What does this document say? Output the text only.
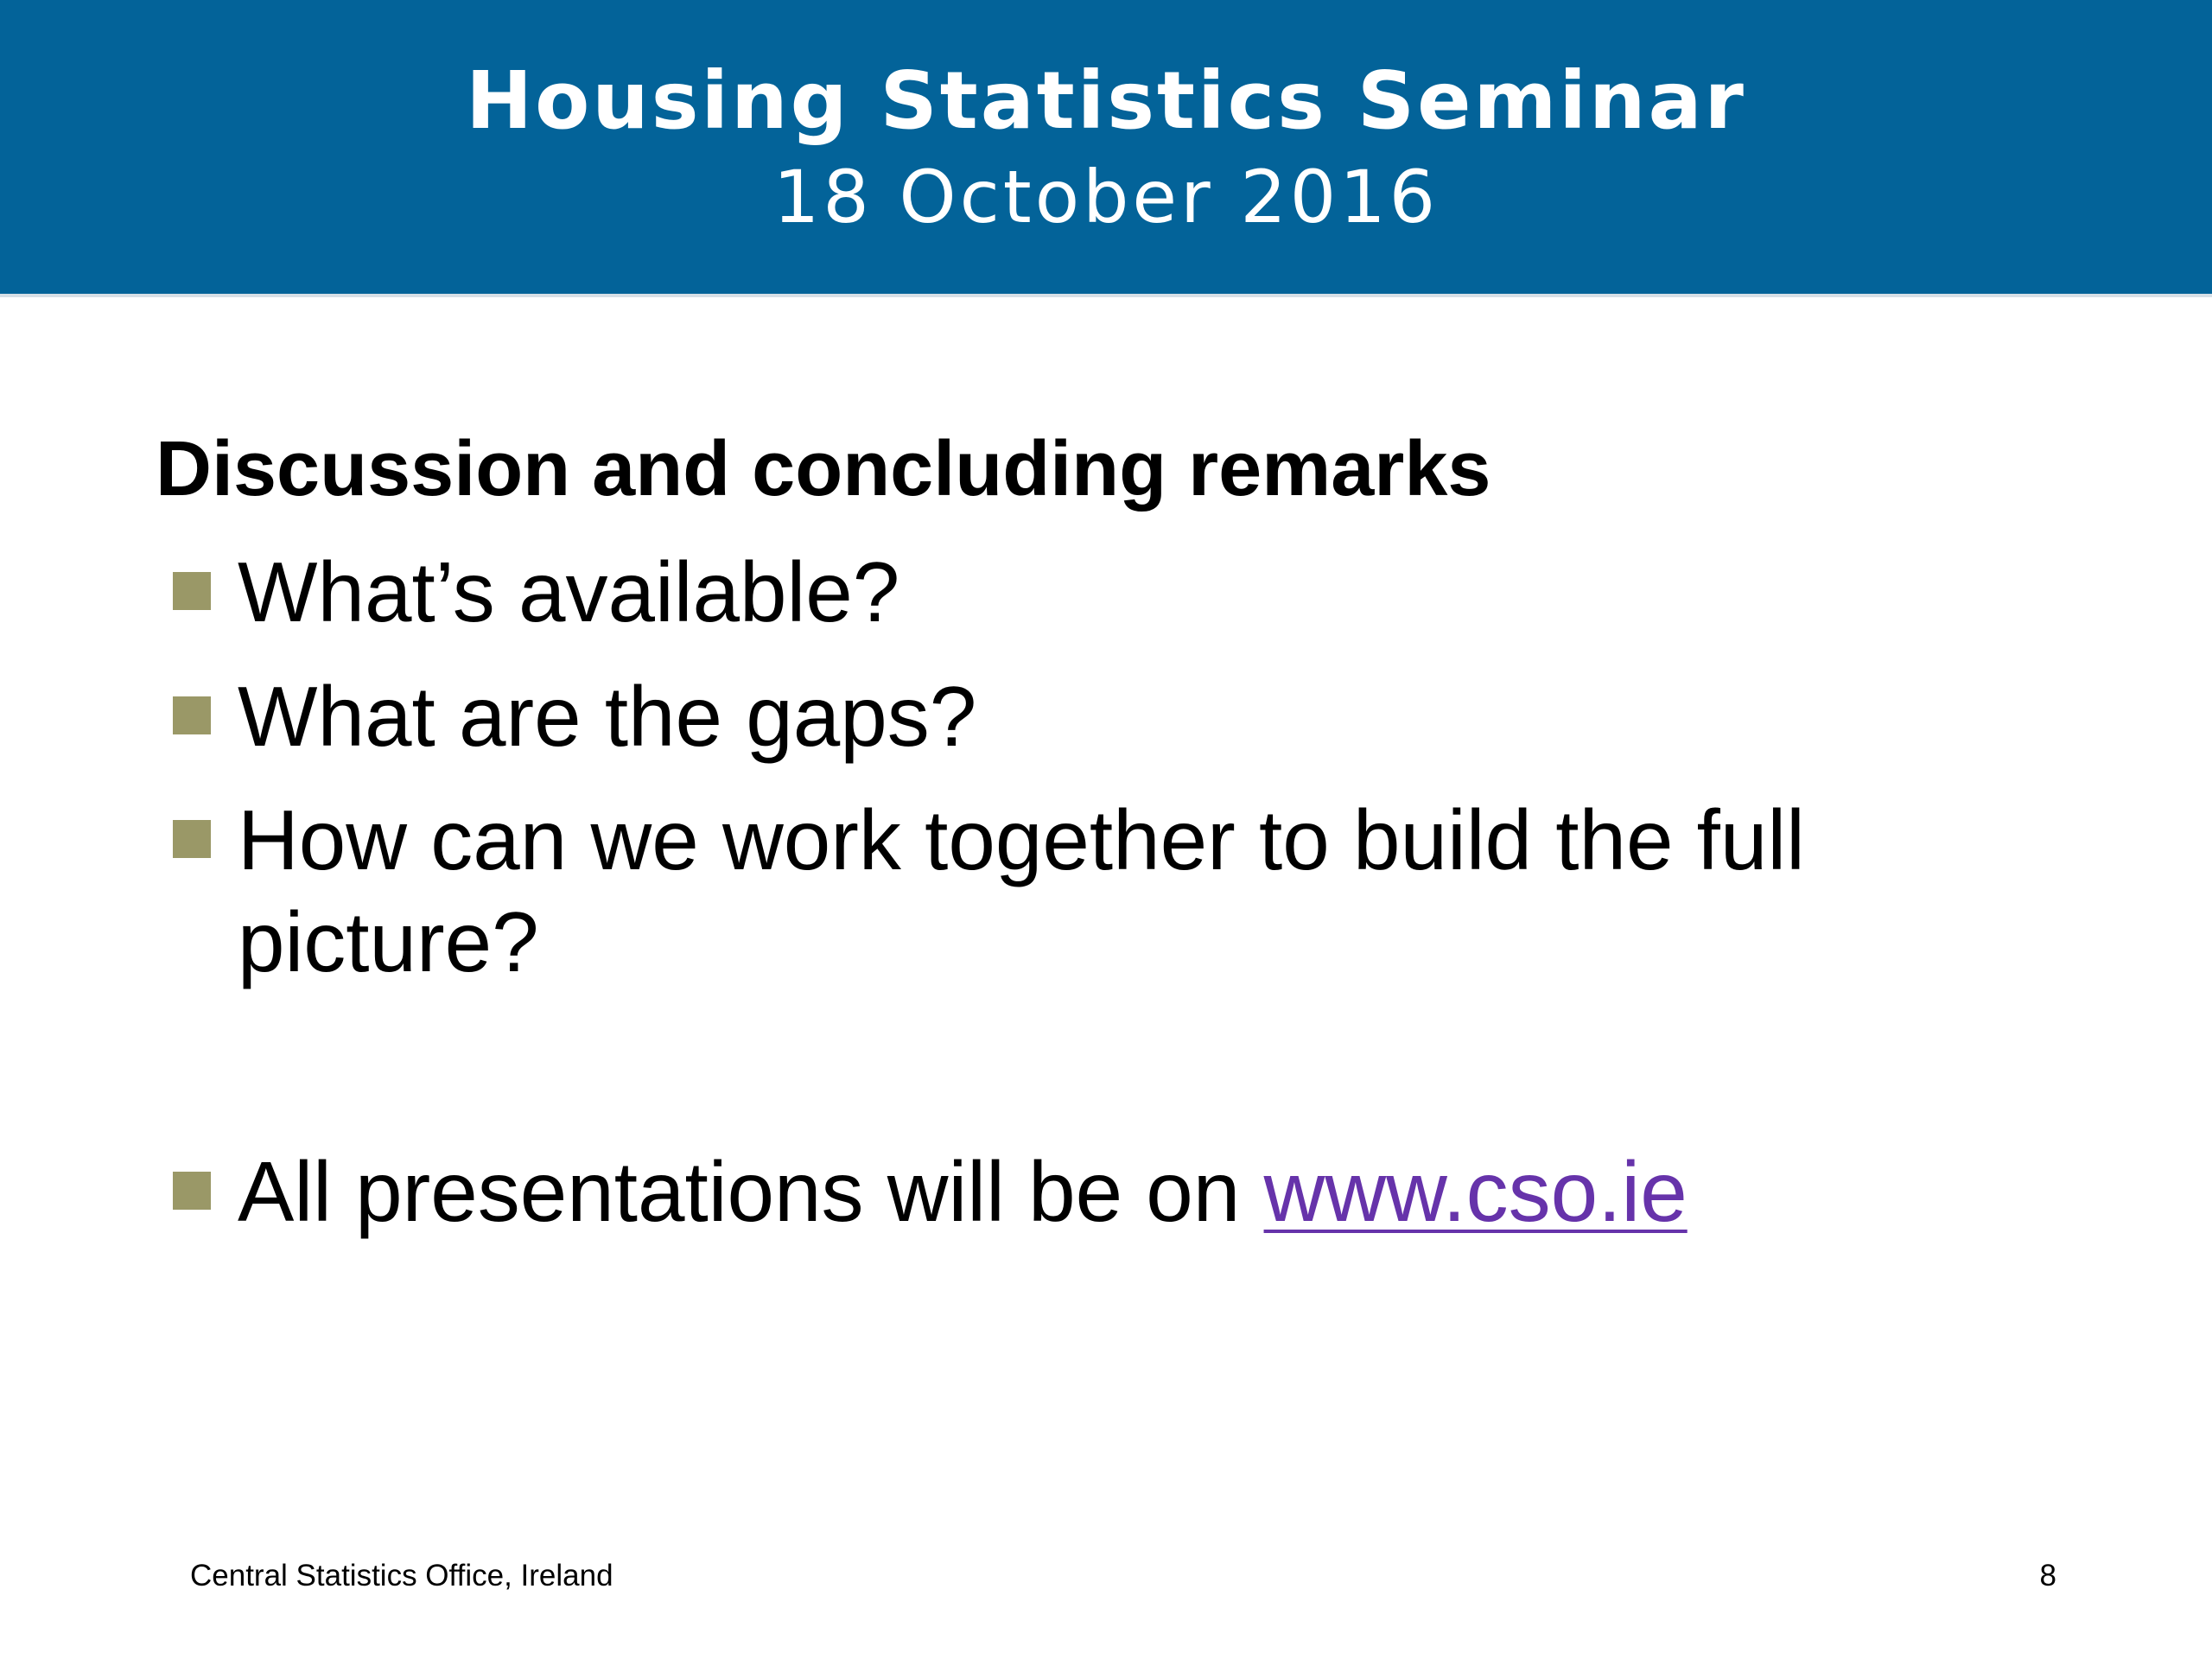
Housing Statistics Seminar
18 October 2016
Discussion and concluding remarks
What’s available?
What are the gaps?
How can we work together to build the full picture?
All presentations will be on www.cso.ie
Central Statistics Office, Ireland	8
